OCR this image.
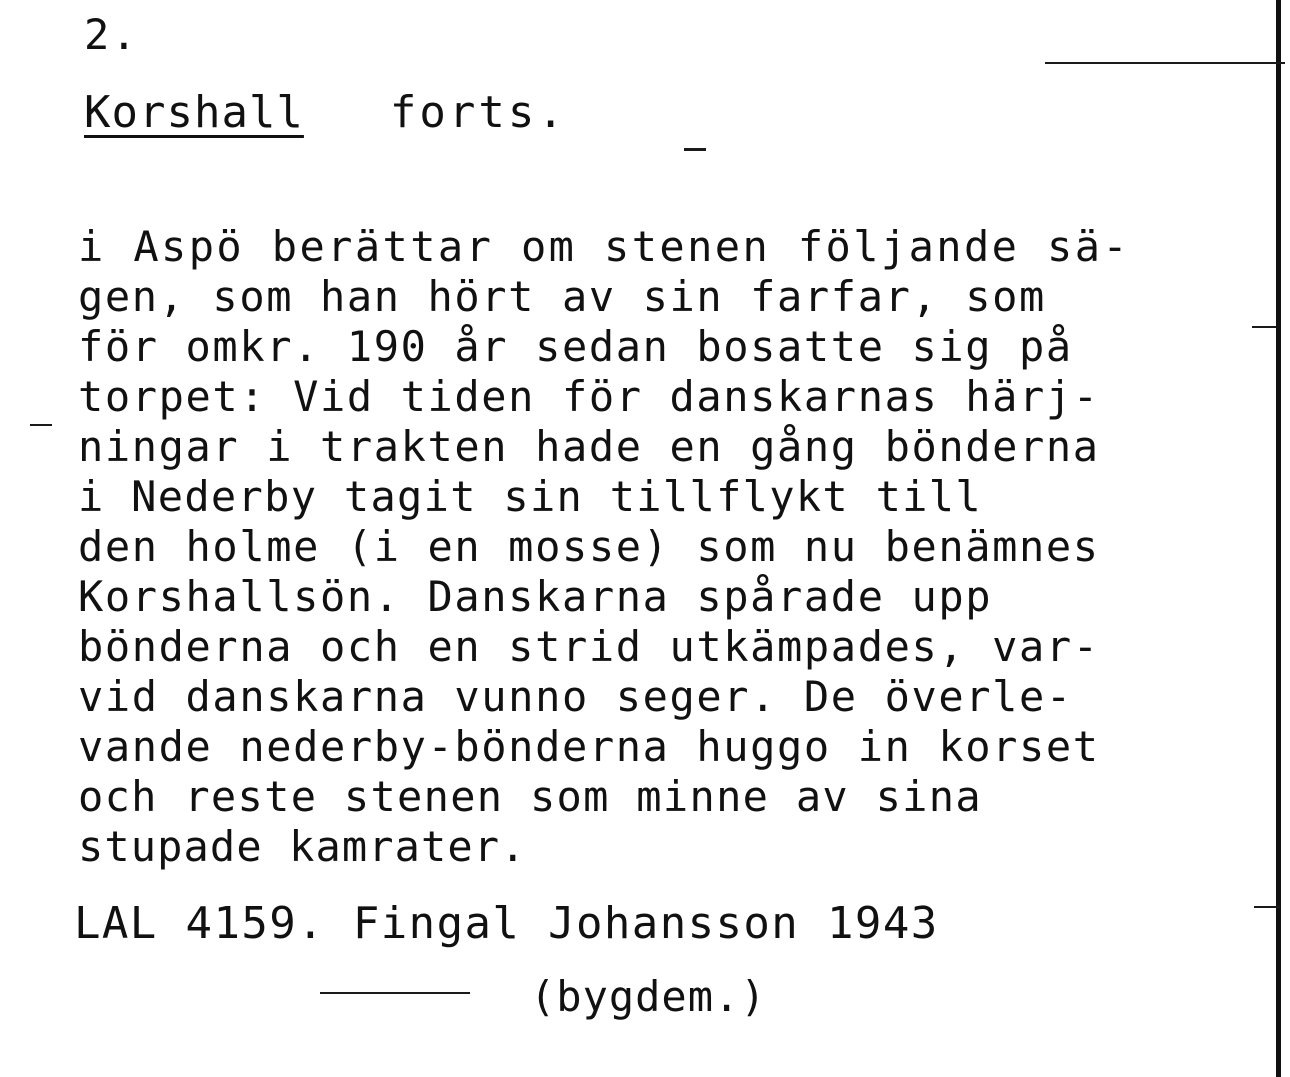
2.
Korshall forts.
i Aspö berättar om stenen följande sä-
gen, som han hört av sin farfar, som
för omkr. 190 år sedan bosatte sig på
torpet: Vid tiden för danskarnas härj-
ningar i trakten hade en gång bönderna
i Nederby tagit sin tillflykt till
den holme (i en mosse) som nu benämnes
Korshallsön. Danskarna spårade upp
bönderna och en strid utkämpades, var-
vid danskarna vunno seger. De överle-
vande nederby-bönderna huggo in korset
och reste stenen som minne av sina
stupade kamrater.
LAL 4159. Fingal Johansson 1943
(bygdem.)
